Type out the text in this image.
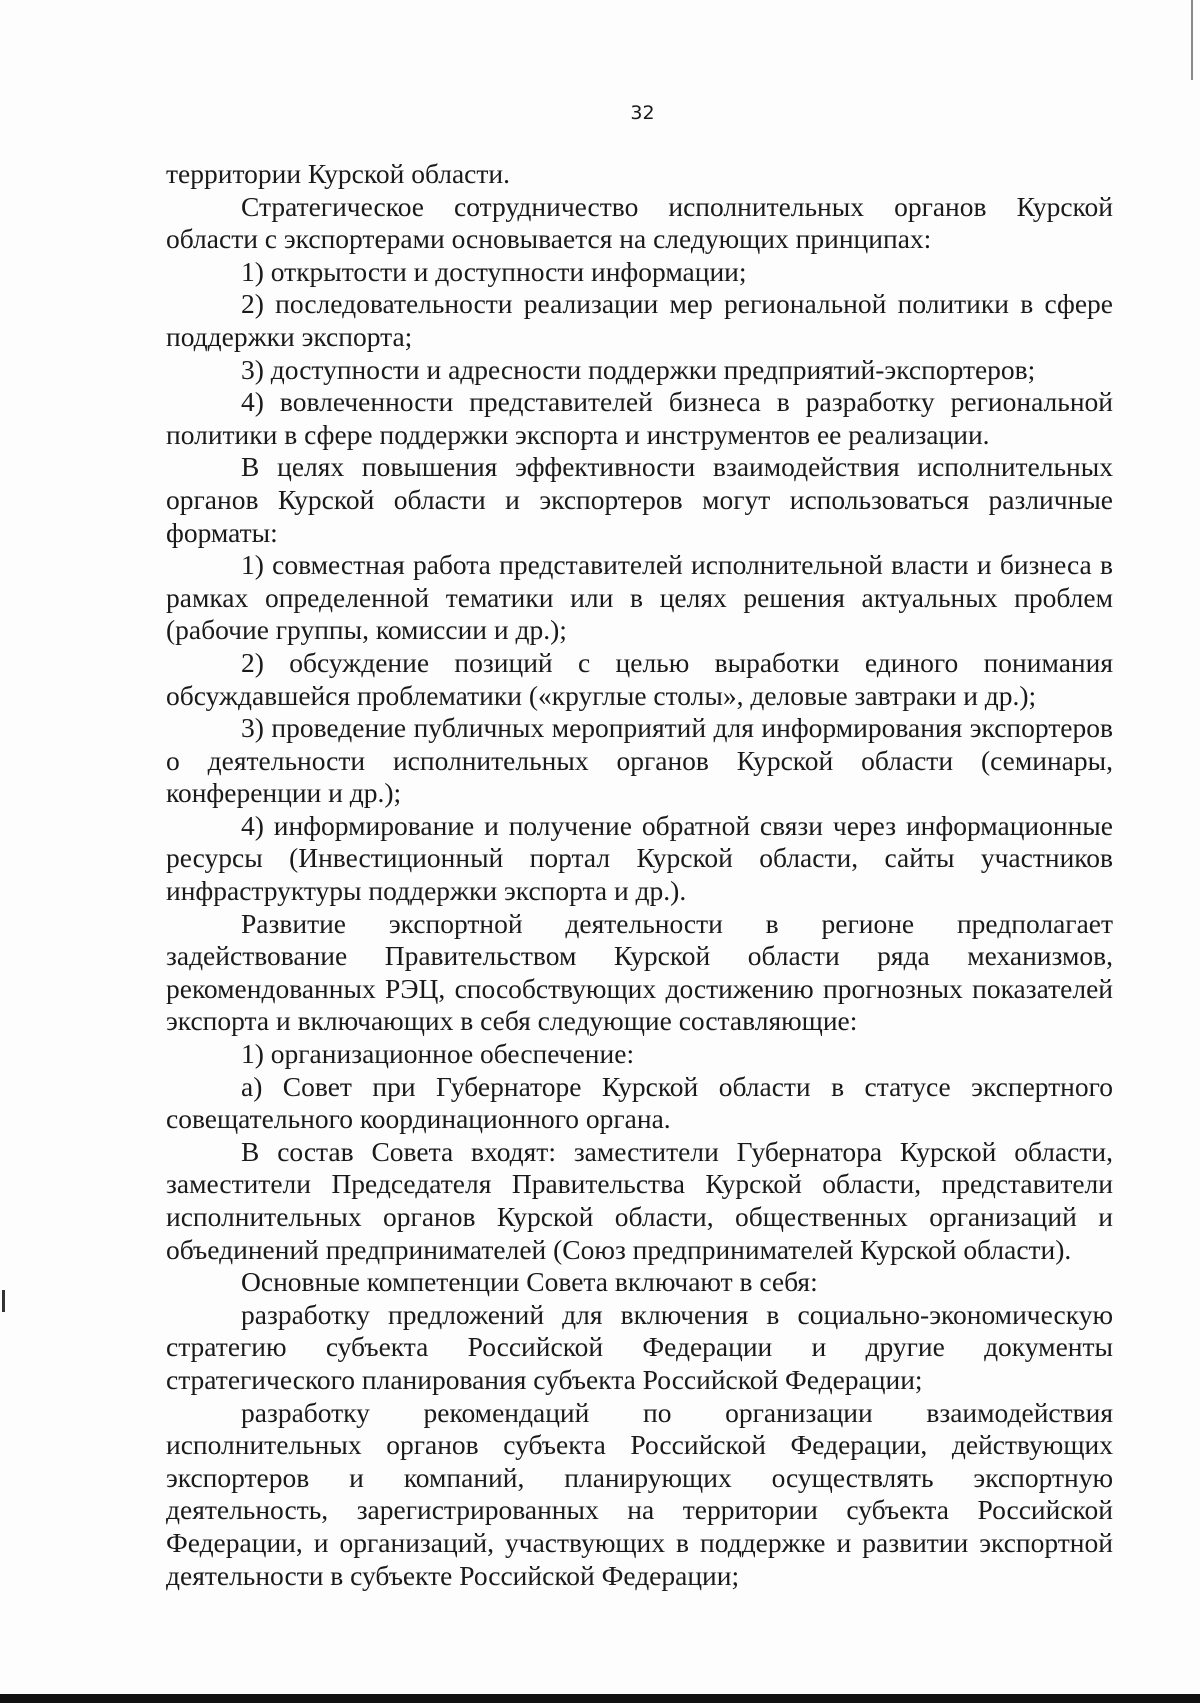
32

территории Курской области.

Стратегическое сотрудничество исполнительных органов Курской области с экспортерами основывается на следующих принципах:

1) открытости и доступности информации;

2) последовательности реализации мер региональной политики в сфере поддержки экспорта;

3) доступности и адресности поддержки предприятий-экспортеров;

4) вовлеченности представителей бизнеса в разработку региональной политики в сфере поддержки экспорта и инструментов ее реализации.

В целях повышения эффективности взаимодействия исполнительных органов Курской области и экспортеров могут использоваться различные форматы:

1) совместная работа представителей исполнительной власти и бизнеса в рамках определенной тематики или в целях решения актуальных проблем (рабочие группы, комиссии и др.);

2) обсуждение позиций с целью выработки единого понимания обсуждавшейся проблематики («круглые столы», деловые завтраки и др.);

3) проведение публичных мероприятий для информирования экспортеров о деятельности исполнительных органов Курской области (семинары, конференции и др.);

4) информирование и получение обратной связи через информационные ресурсы (Инвестиционный портал Курской области, сайты участников инфраструктуры поддержки экспорта и др.).

Развитие экспортной деятельности в регионе предполагает задействование Правительством Курской области ряда механизмов, рекомендованных РЭЦ, способствующих достижению прогнозных показателей экспорта и включающих в себя следующие составляющие:

1) организационное обеспечение:

а) Совет при Губернаторе Курской области в статусе экспертного совещательного координационного органа.

В состав Совета входят: заместители Губернатора Курской области, заместители Председателя Правительства Курской области, представители исполнительных органов Курской области, общественных организаций и объединений предпринимателей (Союз предпринимателей Курской области).

Основные компетенции Совета включают в себя:

разработку предложений для включения в социально-экономическую стратегию субъекта Российской Федерации и другие документы стратегического планирования субъекта Российской Федерации;

разработку рекомендаций по организации взаимодействия исполнительных органов субъекта Российской Федерации, действующих экспортеров и компаний, планирующих осуществлять экспортную деятельность, зарегистрированных на территории субъекта Российской Федерации, и организаций, участвующих в поддержке и развитии экспортной деятельности в субъекте Российской Федерации;
